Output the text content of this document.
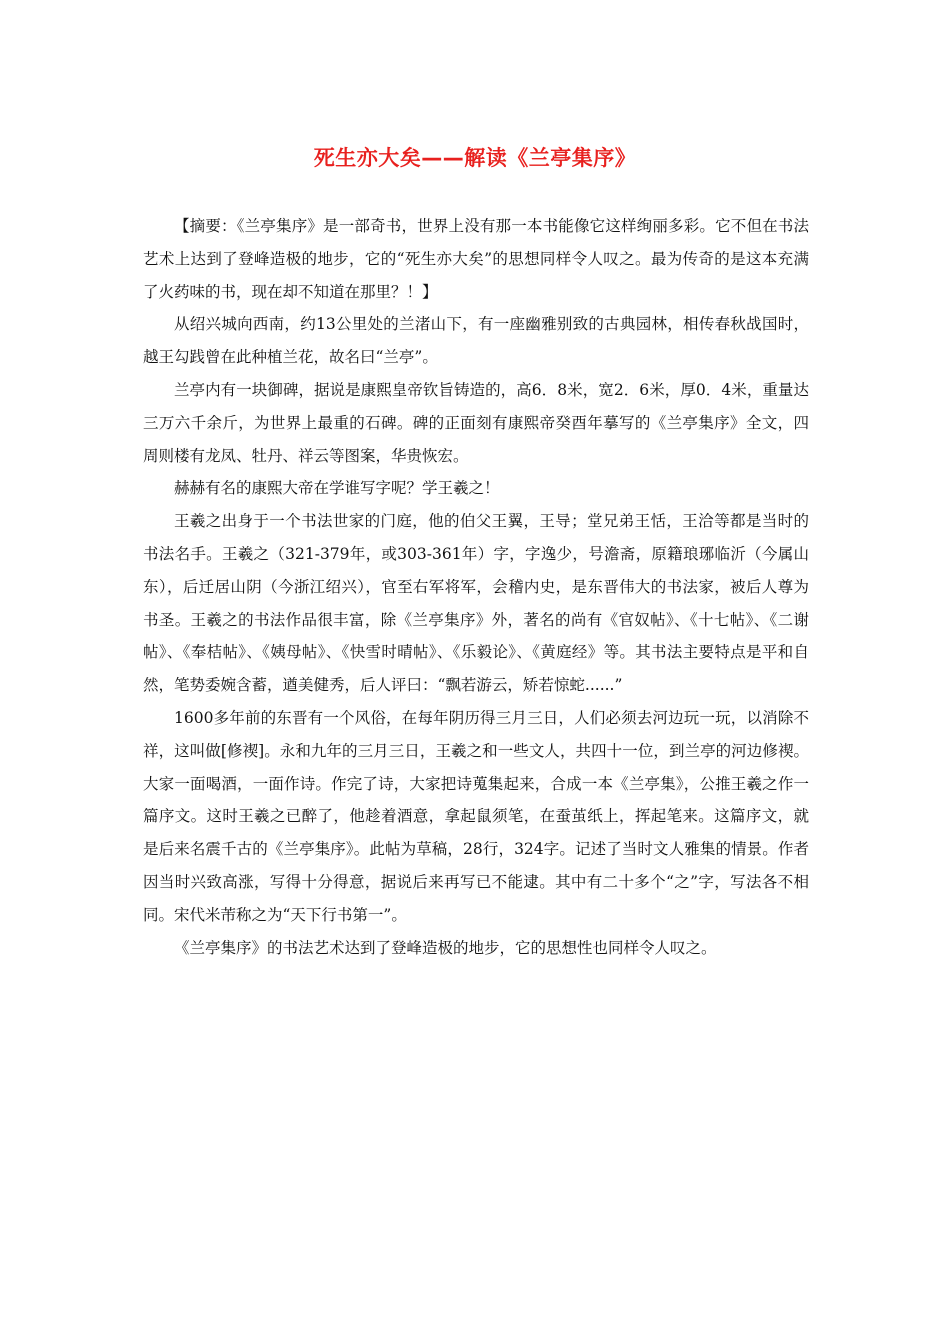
死生亦大矣——解读《兰亭集序》

【摘要：《兰亭集序》是一部奇书，世界上没有那一本书能像它这样绚丽多彩。它不但在书法艺术上达到了登峰造极的地步，它的“死生亦大矣”的思想同样令人叹之。最为传奇的是这本充满了火药味的书，现在却不知道在那里？！】

从绍兴城向西南，约13公里处的兰渚山下，有一座幽雅别致的古典园林，相传春秋战国时，越王勾践曾在此种植兰花，故名曰“兰亭”。

兰亭内有一块御碑，据说是康熙皇帝钦旨铸造的，高6．8米，宽2．6米，厚0．4米，重量达三万六千余斤，为世界上最重的石碑。碑的正面刻有康熙帝癸酉年摹写的《兰亭集序》全文，四周则楼有龙凤、牡丹、祥云等图案，华贵恢宏。

赫赫有名的康熙大帝在学谁写字呢？学王羲之！

王羲之出身于一个书法世家的门庭，他的伯父王翼，王导；堂兄弟王恬，王洽等都是当时的书法名手。王羲之（321-379年，或303-361年）字，字逸少，号澹斋，原籍琅琊临沂（今属山东），后迁居山阴（今浙江绍兴），官至右军将军，会稽内史，是东晋伟大的书法家，被后人尊为书圣。王羲之的书法作品很丰富，除《兰亭集序》外，著名的尚有《官奴帖》、《十七帖》、《二谢帖》、《奉桔帖》、《姨母帖》、《快雪时晴帖》、《乐毅论》、《黄庭经》等。其书法主要特点是平和自然，笔势委婉含蓄，遒美健秀，后人评曰：“飘若游云，矫若惊蛇......”

1600多年前的东晋有一个风俗，在每年阴历得三月三日，人们必须去河边玩一玩，以消除不祥，这叫做[修禊]。永和九年的三月三日，王羲之和一些文人，共四十一位，到兰亭的河边修禊。大家一面喝酒，一面作诗。作完了诗，大家把诗蒐集起来，合成一本《兰亭集》，公推王羲之作一篇序文。这时王羲之已醉了，他趁着酒意，拿起鼠须笔，在蚕茧纸上，挥起笔来。这篇序文，就是后来名震千古的《兰亭集序》。此帖为草稿，28行，324字。记述了当时文人雅集的情景。作者因当时兴致高涨，写得十分得意，据说后来再写已不能逮。其中有二十多个“之”字，写法各不相同。宋代米芾称之为“天下行书第一”。

《兰亭集序》的书法艺术达到了登峰造极的地步，它的思想性也同样令人叹之。
